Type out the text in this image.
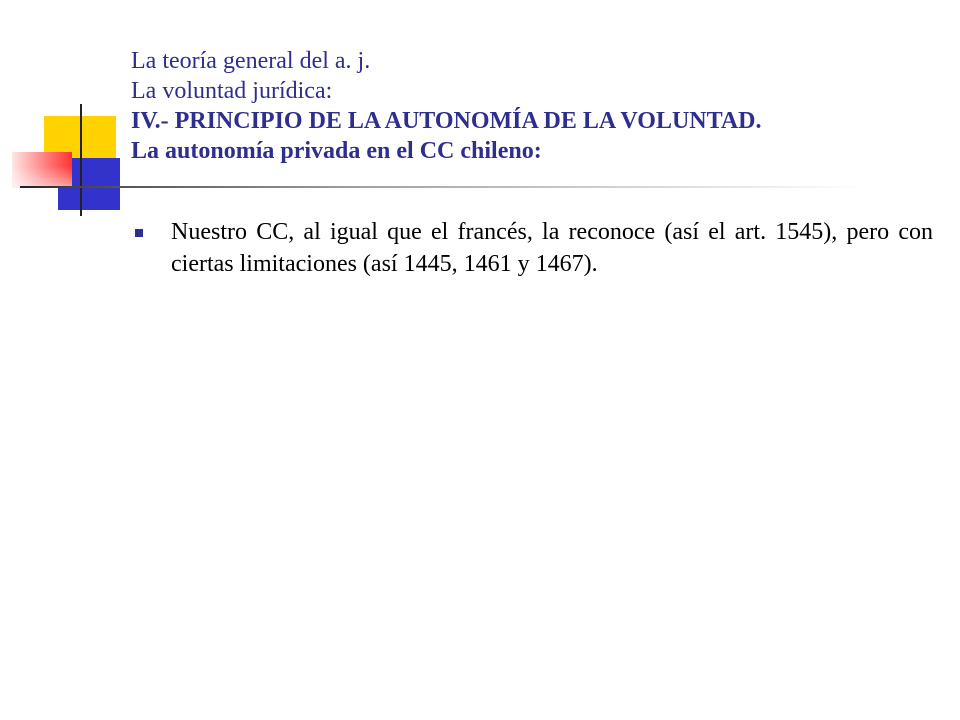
La teoría general del a. j.
La voluntad jurídica:
IV.- PRINCIPIO DE LA AUTONOMÍA DE LA VOLUNTAD.
La autonomía privada en el CC chileno:
Nuestro CC, al igual que el francés, la reconoce (así el art. 1545), pero con ciertas limitaciones (así 1445, 1461 y 1467).
